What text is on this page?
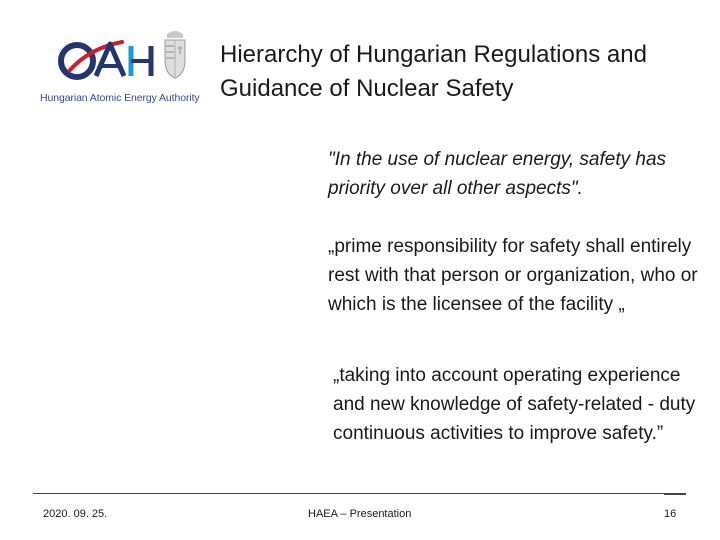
Hungarian Atomic Energy Authority
Hierarchy of Hungarian Regulations and Guidance of Nuclear Safety

"In the use of nuclear energy, safety has priority over all other aspects".

„prime responsibility for safety shall entirely rest with that person or organization, who or which is the licensee of the facility „

„taking into account operating experience and new knowledge of safety-related - duty continuous activities to improve safety.”

2020. 09. 25.	HAEA – Presentation	16
